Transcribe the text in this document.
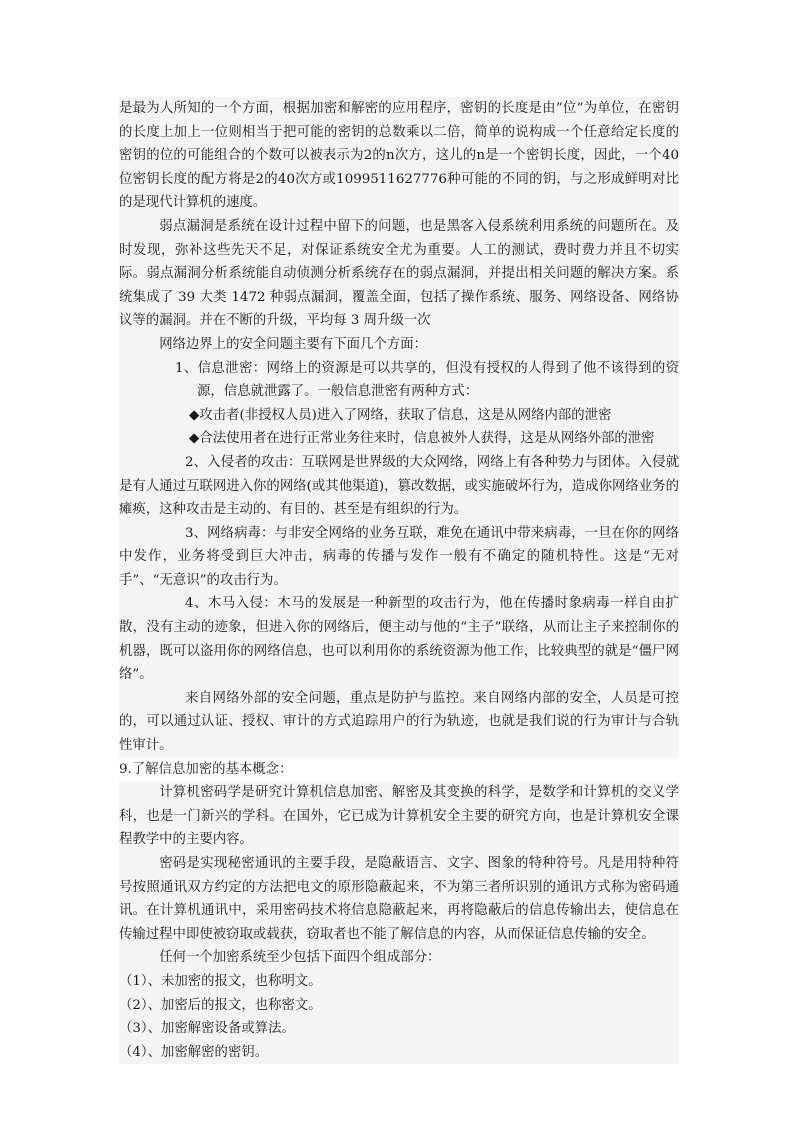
是最为人所知的一个方面，根据加密和解密的应用程序，密钥的长度是由”位”为单位，在密钥的长度上加上一位则相当于把可能的密钥的总数乘以二倍，简单的说构成一个任意给定长度的密钥的位的可能组合的个数可以被表示为2的n次方，这儿的n是一个密钥长度，因此，一个40位密钥长度的配方将是2的40次方或1099511627776种可能的不同的钥，与之形成鲜明对比的是现代计算机的速度。

弱点漏洞是系统在设计过程中留下的问题，也是黑客入侵系统利用系统的问题所在。及时发现，弥补这些先天不足，对保证系统安全尤为重要。人工的测试，费时费力并且不切实际。弱点漏洞分析系统能自动侦测分析系统存在的弱点漏洞，并提出相关问题的解决方案。系统集成了 39 大类 1472 种弱点漏洞，覆盖全面，包括了操作系统、服务、网络设备、网络协议等的漏洞。并在不断的升级，平均每 3 周升级一次

网络边界上的安全问题主要有下面几个方面：

1、信息泄密：网络上的资源是可以共享的，但没有授权的人得到了他不该得到的资源，信息就泄露了。一般信息泄密有两种方式：

◆攻击者(非授权人员)进入了网络，获取了信息，这是从网络内部的泄密

◆合法使用者在进行正常业务往来时，信息被外人获得，这是从网络外部的泄密

2、入侵者的攻击：互联网是世界级的大众网络，网络上有各种势力与团体。入侵就是有人通过互联网进入你的网络(或其他渠道)，篡改数据，或实施破坏行为，造成你网络业务的瘫痪，这种攻击是主动的、有目的、甚至是有组织的行为。

3、网络病毒：与非安全网络的业务互联，难免在通讯中带来病毒，一旦在你的网络中发作，业务将受到巨大冲击，病毒的传播与发作一般有不确定的随机特性。这是“无对手”、“无意识”的攻击行为。

4、木马入侵：木马的发展是一种新型的攻击行为，他在传播时象病毒一样自由扩散，没有主动的迹象，但进入你的网络后，便主动与他的“主子”联络，从而让主子来控制你的机器，既可以盗用你的网络信息，也可以利用你的系统资源为他工作，比较典型的就是“僵尸网络”。

来自网络外部的安全问题，重点是防护与监控。来自网络内部的安全，人员是可控的，可以通过认证、授权、审计的方式追踪用户的行为轨迹，也就是我们说的行为审计与合轨性审计。

9.了解信息加密的基本概念：

计算机密码学是研究计算机信息加密、解密及其变换的科学，是数学和计算机的交义学科，也是一门新兴的学科。在国外，它已成为计算机安全主要的研究方向，也是计算机安全课程教学中的主要内容。

密码是实现秘密通讯的主要手段，是隐蔽语言、文字、图象的特种符号。凡是用特种符号按照通讯双方约定的方法把电文的原形隐蔽起来，不为第三者所识别的通讯方式称为密码通讯。在计算机通讯中，采用密码技术将信息隐蔽起来，再将隐蔽后的信息传输出去，使信息在传输过程中即使被窃取或载获，窃取者也不能了解信息的内容，从而保证信息传输的安全。

任何一个加密系统至少包括下面四个组成部分：

（1）、未加密的报文，也称明文。

（2）、加密后的报文，也称密文。

（3）、加密解密设备或算法。

（4）、加密解密的密钥。
